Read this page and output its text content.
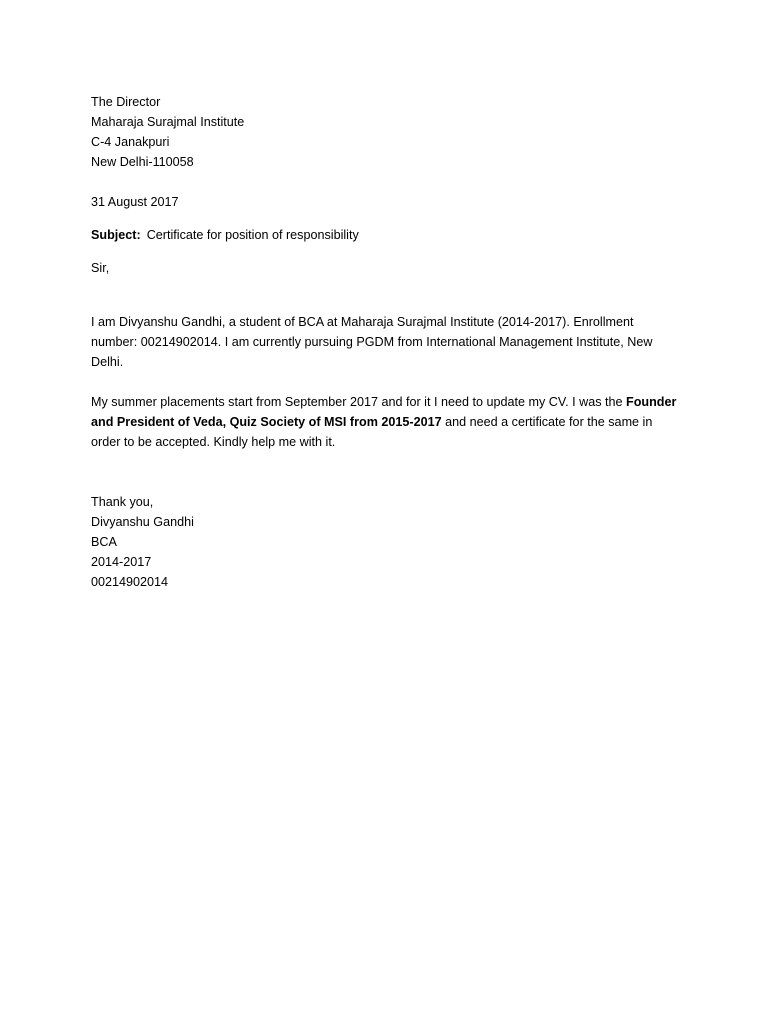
The Director
Maharaja Surajmal Institute
C-4 Janakpuri
New Delhi-110058
31 August 2017
Subject: Certificate for position of responsibility
Sir,

I am Divyanshu Gandhi, a student of BCA at Maharaja Surajmal Institute (2014-2017). Enrollment number: 00214902014. I am currently pursuing PGDM from International Management Institute, New Delhi.

My summer placements start from September 2017 and for it I need to update my CV. I was the Founder and President of Veda, Quiz Society of MSI from 2015-2017 and need a certificate for the same in order to be accepted. Kindly help me with it.

Thank you,
Divyanshu Gandhi
BCA
2014-2017
00214902014
